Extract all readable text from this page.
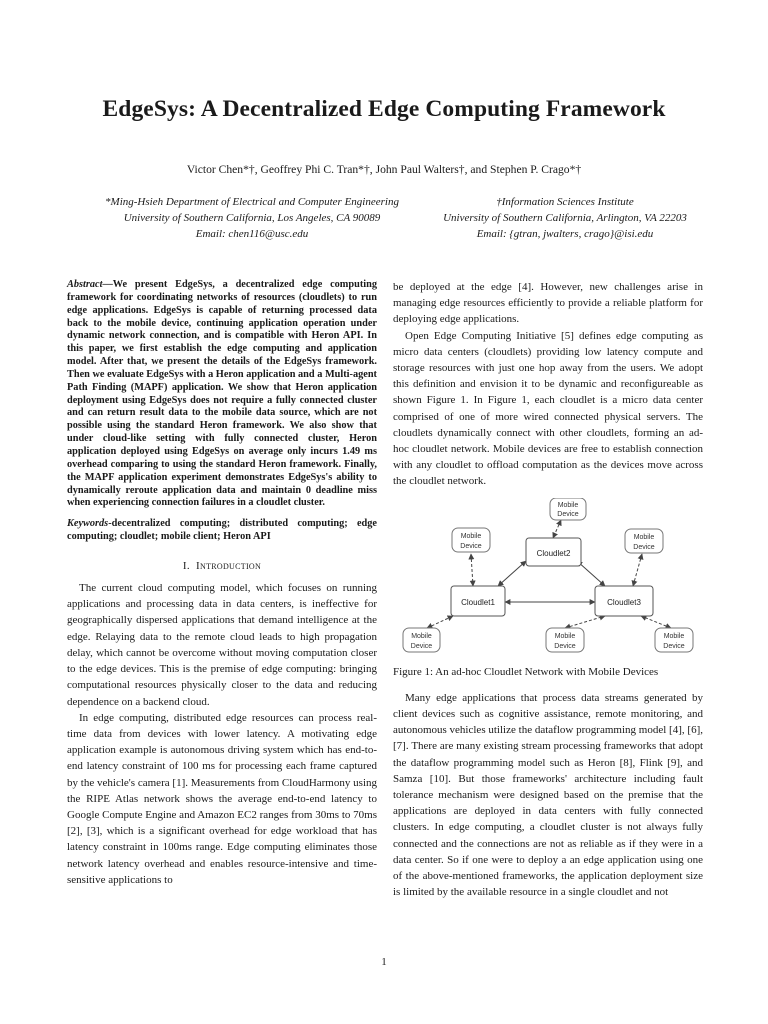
EdgeSys: A Decentralized Edge Computing Framework
Victor Chen*†, Geoffrey Phi C. Tran*†, John Paul Walters†, and Stephen P. Crago*†
*Ming-Hsieh Department of Electrical and Computer Engineering
University of Southern California, Los Angeles, CA 90089
Email: chen116@usc.edu
†Information Sciences Institute
University of Southern California, Arlington, VA 22203
Email: {gtran, jwalters, crago}@isi.edu

Abstract—We present EdgeSys, a decentralized edge computing framework for coordinating networks of resources (cloudlets) to run edge applications. EdgeSys is capable of returning processed data back to the mobile device, continuing application operation under dynamic network connection, and is compatible with Heron API. In this paper, we first establish the edge computing and application model. After that, we present the details of the EdgeSys framework. Then we evaluate EdgeSys with a Heron application and a Multi-agent Path Finding (MAPF) application. We show that Heron application deployment using EdgeSys does not require a fully connected cluster and can return result data to the mobile data source, which are not possible using the standard Heron framework. We also show that under cloud-like setting with fully connected cluster, Heron application deployed using EdgeSys on average only incurs 1.49 ms overhead comparing to using the standard Heron framework. Finally, the MAPF application experiment demonstrates EdgeSys's ability to dynamically reroute application data and maintain 0 deadline miss when experiencing connection failures in a cloudlet cluster.

Keywords-decentralized computing; distributed computing; edge computing; cloudlet; mobile client; Heron API

I. Introduction

The current cloud computing model, which focuses on running applications and processing data in data centers, is ineffective for geographically dispersed applications that demand intelligence at the edge. Relaying data to the remote cloud leads to high propagation delay, which cannot be overcome without moving computation closer to the edge devices. This is the premise of edge computing: bringing computational resources physically closer to the data and reducing dependence on a backend cloud.

In edge computing, distributed edge resources can process real-time data from devices with lower latency. A motivating edge application example is autonomous driving system which has end-to-end latency constraint of 100 ms for processing each frame captured by the vehicle's camera [1]. Measurements from CloudHarmony using the RIPE Atlas network shows the average end-to-end latency to Google Compute Engine and Amazon EC2 ranges from 30ms to 70ms [2], [3], which is a significant overhead for edge workload that has latency constraint in 100ms range. Edge computing eliminates those network latency overhead and enables resource-intensive and time-sensitive applications to

be deployed at the edge [4]. However, new challenges arise in managing edge resources efficiently to provide a reliable platform for deploying edge applications.

Open Edge Computing Initiative [5] defines edge computing as micro data centers (cloudlets) providing low latency compute and storage resources with just one hop away from the users. We adopt this definition and envision it to be dynamic and reconfigureable as shown Figure 1. In Figure 1, each cloudlet is a micro data center comprised of one of more wired connected physical servers. The cloudlets dynamically connect with other cloudlets, forming an ad-hoc cloudlet network. Mobile devices are free to establish connection with any cloudlet to offload computation as the devices move across the cloudlet network.

Cloudlet2
Cloudlet1	Cloudlet3
Mobile
Device
Mobile
Device
Mobile
Device
Mobile
Device
Mobile
Device
Mobile
Device
Figure 1: An ad-hoc Cloudlet Network with Mobile Devices

Many edge applications that process data streams generated by client devices such as cognitive assistance, remote monitoring, and autonomous vehicles utilize the dataflow programming model [4], [6], [7]. There are many existing stream processing frameworks that adopt the dataflow programming model such as Heron [8], Flink [9], and Samza [10]. But those frameworks' architecture including fault tolerance mechanism were designed based on the premise that the applications are deployed in data centers with fully connected clusters. In edge computing, a cloudlet cluster is not always fully connected and the connections are not as reliable as if they were in a data center. So if one were to deploy a an edge application using one of the above-mentioned frameworks, the application deployment size is limited by the available resource in a single cloudlet and not

1
